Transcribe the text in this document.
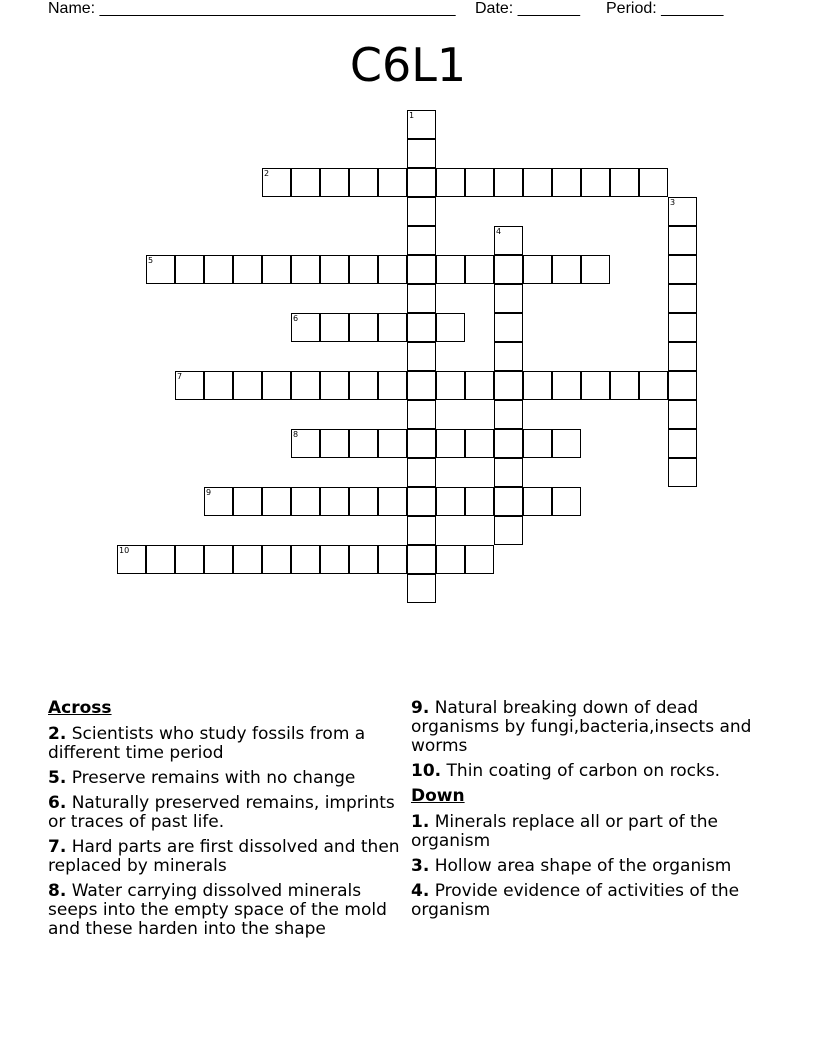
Name: ________________________________________ Date: _______ Period: _______
C6L1
1
2
3
4
5
6
7
8
9
10
Across
2. Scientists who study fossils from a different time period
5. Preserve remains with no change
6. Naturally preserved remains, imprints or traces of past life.
7. Hard parts are first dissolved and then replaced by minerals
8. Water carrying dissolved minerals seeps into the empty space of the mold and these harden into the shape
9. Natural breaking down of dead organisms by fungi,bacteria,insects and worms
10. Thin coating of carbon on rocks.
Down
1. Minerals replace all or part of the organism
3. Hollow area shape of the organism
4. Provide evidence of activities of the organism
